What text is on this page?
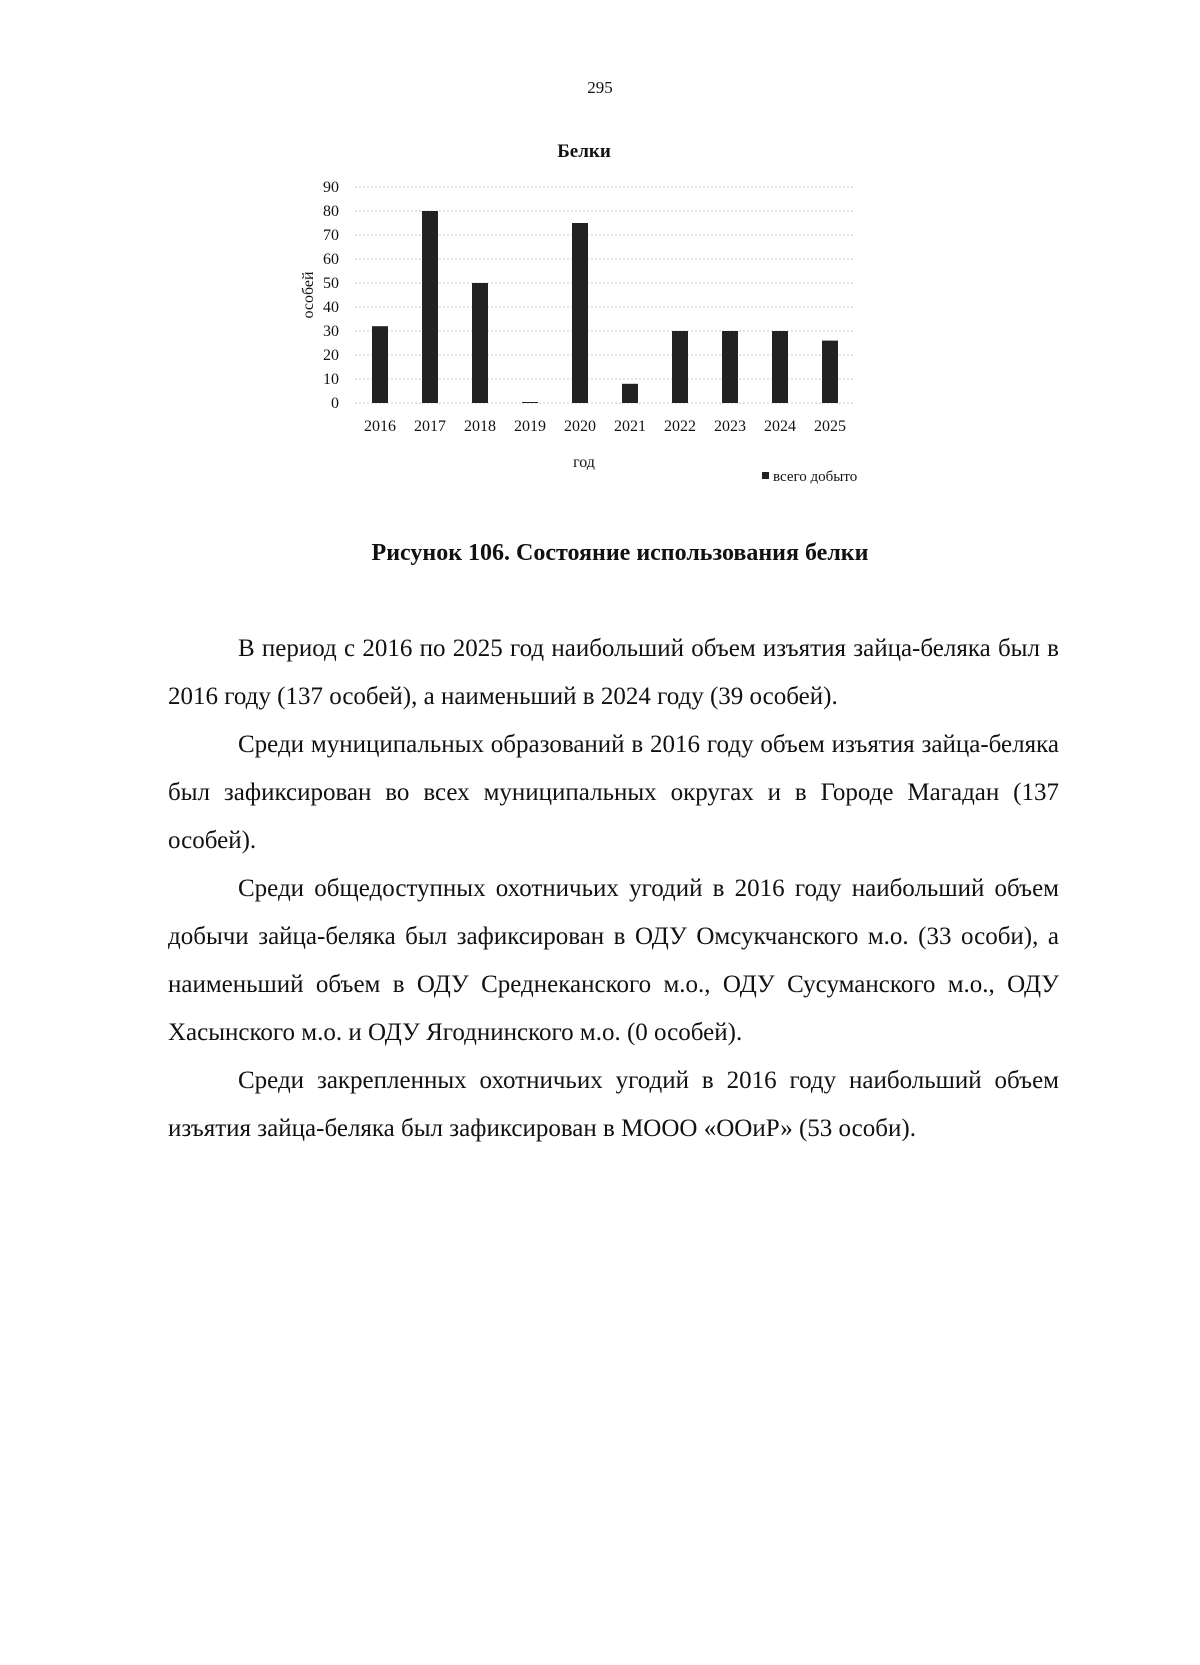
295
Белки
0
10
20
30
40
50
60
70
80
90
2016 2017 2018 2019 2020 2021 2022 2023 2024 2025
особей
год
всего добыто
Рисунок 106. Состояние использования белки

В период с 2016 по 2025 год наибольший объем изъятия зайца-беляка был в 2016 году (137 особей), а наименьший в 2024 году (39 особей).

Среди муниципальных образований в 2016 году объем изъятия зайца-беляка был зафиксирован во всех муниципальных округах и в Городе Магадан (137 особей).

Среди общедоступных охотничьих угодий в 2016 году наибольший объем добычи зайца-беляка был зафиксирован в ОДУ Омсукчанского м.о. (33 особи), а наименьший объем в ОДУ Среднеканского м.о., ОДУ Сусуманского м.о., ОДУ Хасынского м.о. и ОДУ Ягоднинского м.о. (0 особей).

Среди закрепленных охотничьих угодий в 2016 году наибольший объем изъятия зайца-беляка был зафиксирован в МООО «ООиР» (53 особи).
